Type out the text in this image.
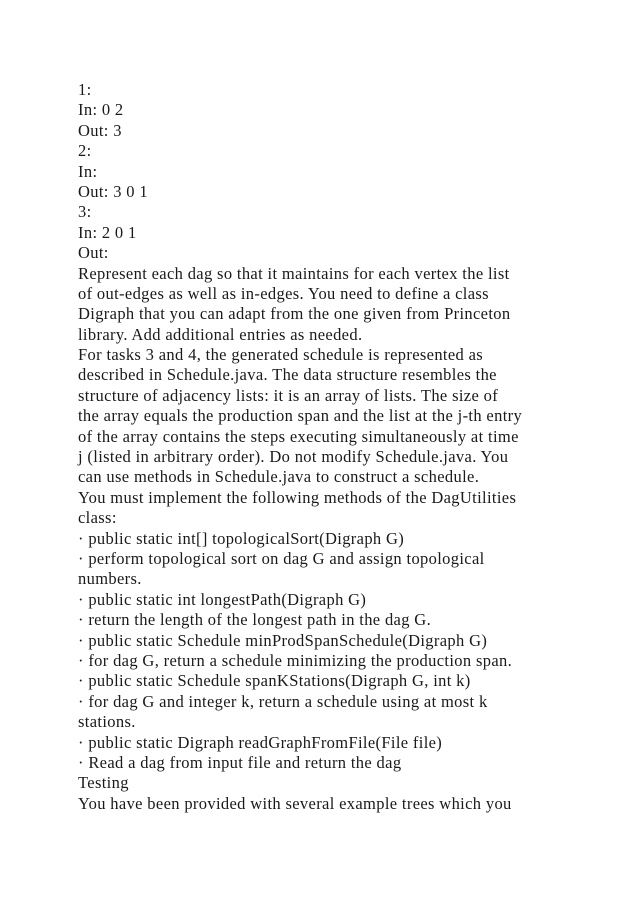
1:
In: 0 2
Out: 3
2:
In:
Out: 3 0 1
3:
In: 2 0 1
Out:
Represent each dag so that it maintains for each vertex the list
of out-edges as well as in-edges. You need to define a class
Digraph that you can adapt from the one given from Princeton
library. Add additional entries as needed.
For tasks 3 and 4, the generated schedule is represented as
described in Schedule.java. The data structure resembles the
structure of adjacency lists: it is an array of lists. The size of
the array equals the production span and the list at the j-th entry
of the array contains the steps executing simultaneously at time
j (listed in arbitrary order). Do not modify Schedule.java. You
can use methods in Schedule.java to construct a schedule.
You must implement the following methods of the DagUtilities
class:
· public static int[] topologicalSort(Digraph G)
· perform topological sort on dag G and assign topological
numbers.
· public static int longestPath(Digraph G)
· return the length of the longest path in the dag G.
· public static Schedule minProdSpanSchedule(Digraph G)
· for dag G, return a schedule minimizing the production span.
· public static Schedule spanKStations(Digraph G, int k)
· for dag G and integer k, return a schedule using at most k
stations.
· public static Digraph readGraphFromFile(File file)
· Read a dag from input file and return the dag
Testing
You have been provided with several example trees which you
